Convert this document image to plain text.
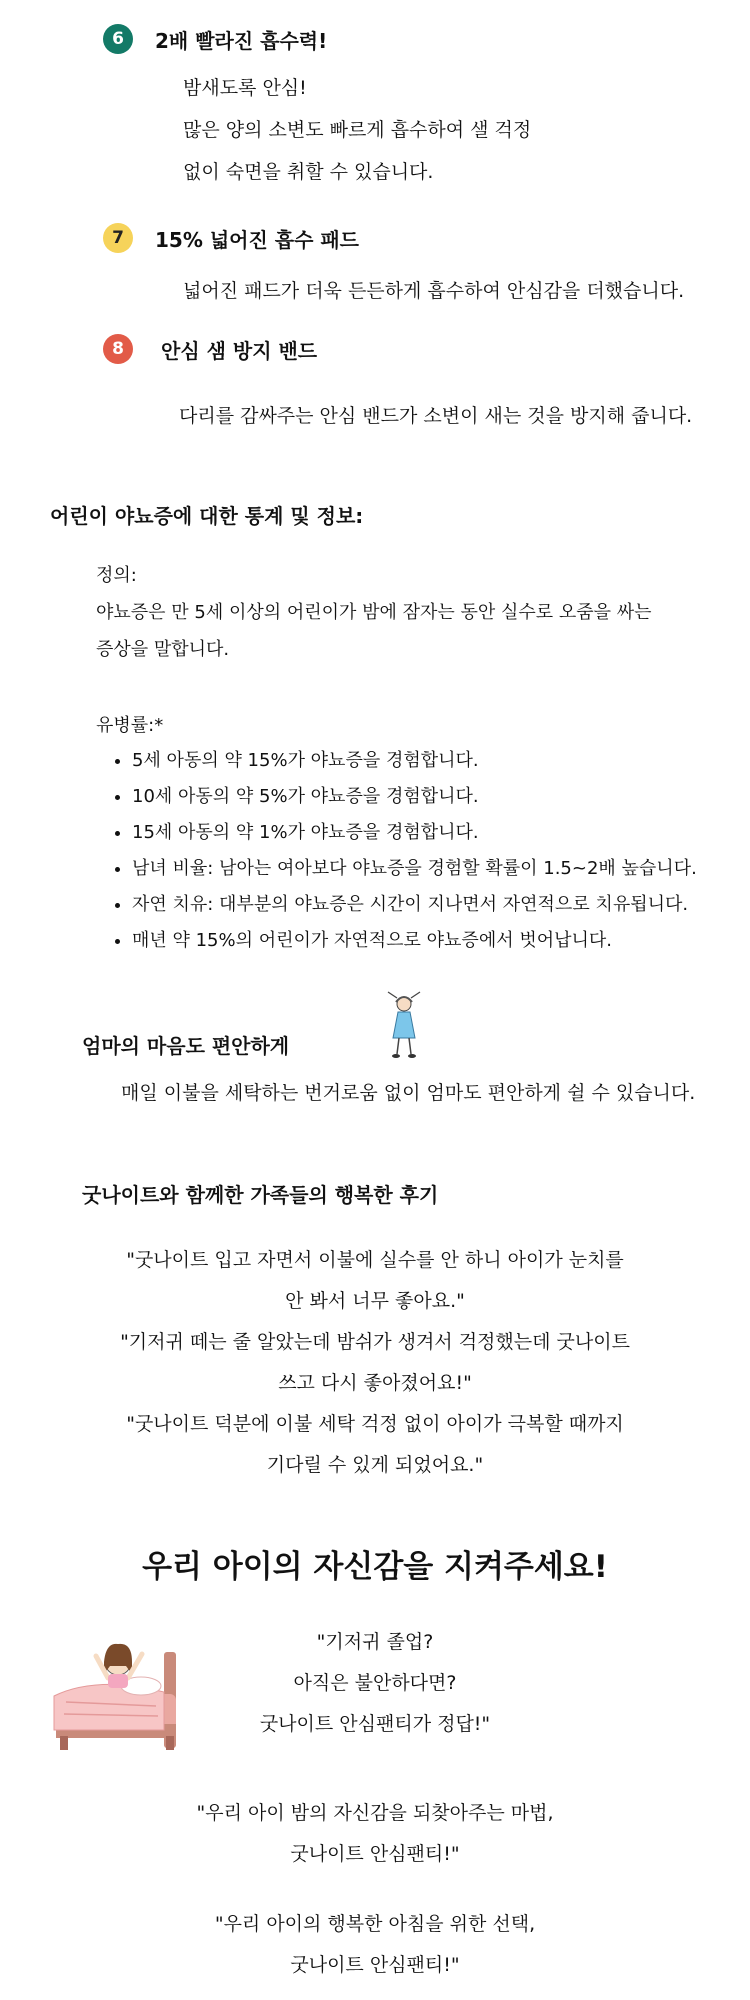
6	2배 빨라진 흡수력!
밤새도록 안심!
많은 양의 소변도 빠르게 흡수하여 샐 걱정
없이 숙면을 취할 수 있습니다.
7	15% 넓어진 흡수 패드
넓어진 패드가 더욱 든든하게 흡수하여 안심감을 더했습니다.
8	안심 샘 방지 밴드
다리를 감싸주는 안심 밴드가 소변이 새는 것을 방지해 줍니다.
어린이 야뇨증에 대한 통계 및 정보:
정의:
야뇨증은 만 5세 이상의 어린이가 밤에 잠자는 동안 실수로 오줌을 싸는
증상을 말합니다.
유병률:*
• 5세 아동의 약 15%가 야뇨증을 경험합니다.
• 10세 아동의 약 5%가 야뇨증을 경험합니다.
• 15세 아동의 약 1%가 야뇨증을 경험합니다.
• 남녀 비율: 남아는 여아보다 야뇨증을 경험할 확률이 1.5~2배 높습니다.
• 자연 치유: 대부분의 야뇨증은 시간이 지나면서 자연적으로 치유됩니다.
• 매년 약 15%의 어린이가 자연적으로 야뇨증에서 벗어납니다.
엄마의 마음도 편안하게
매일 이불을 세탁하는 번거로움 없이 엄마도 편안하게 쉴 수 있습니다.
굿나이트와 함께한 가족들의 행복한 후기

"굿나이트 입고 자면서 이불에 실수를 안 하니 아이가 눈치를

안 봐서 너무 좋아요."

"기저귀 떼는 줄 알았는데 밤쉬가 생겨서 걱정했는데 굿나이트

쓰고 다시 좋아졌어요!"

"굿나이트 덕분에 이불 세탁 걱정 없이 아이가 극복할 때까지

기다릴 수 있게 되었어요."

우리 아이의 자신감을 지켜주세요!

"기저귀 졸업?

아직은 불안하다면?

굿나이트 안심팬티가 정답!"

"우리 아이 밤의 자신감을 되찾아주는 마법,

굿나이트 안심팬티!"

"우리 아이의 행복한 아침을 위한 선택,

굿나이트 안심팬티!"
